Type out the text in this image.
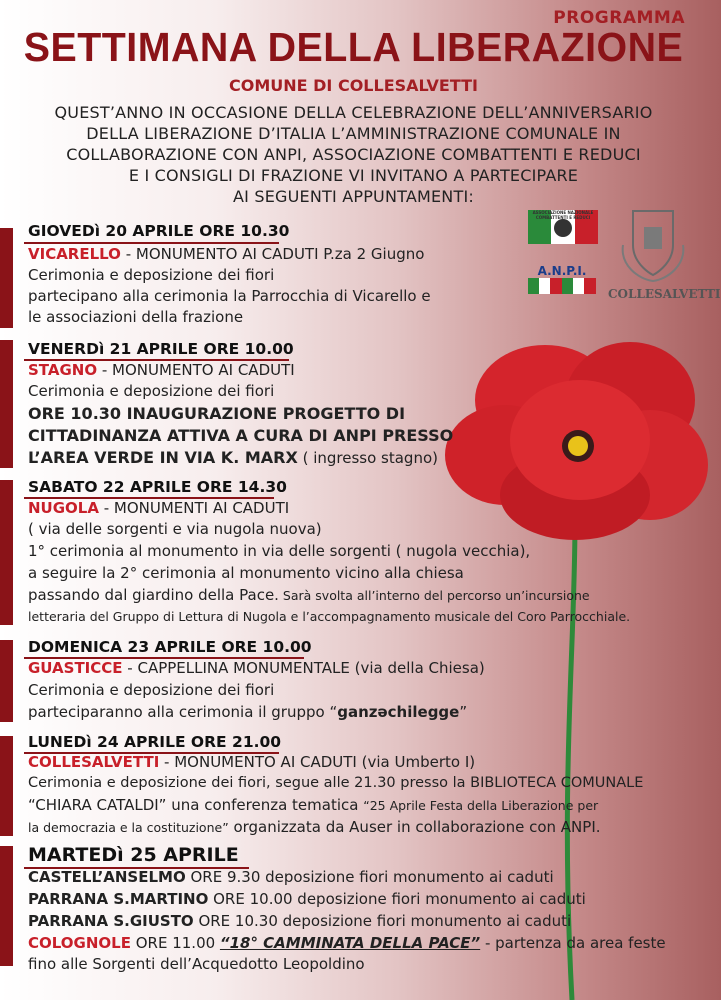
PROGRAMMA
SETTIMANA DELLA LIBERAZIONE
COMUNE DI COLLESALVETTI
QUEST’ANNO IN OCCASIONE DELLA CELEBRAZIONE DELL’ANNIVERSARIO
DELLA LIBERAZIONE D’ITALIA L’AMMINISTRAZIONE COMUNALE IN
COLLABORAZIONE CON ANPI, ASSOCIAZIONE COMBATTENTI E REDUCI
E I CONSIGLI DI FRAZIONE VI INVITANO A PARTECIPARE
AI SEGUENTI APPUNTAMENTI:
ASSOCIAZIONE NAZIONALE COMBATTENTI E REDUCI
A.N.P.I.
COLLESALVETTI
GIOVEDì 20 APRILE ORE 10.30
VICARELLO - MONUMENTO AI CADUTI P.za 2 Giugno
Cerimonia e deposizione dei fiori
partecipano alla cerimonia la Parrocchia di Vicarello e
le associazioni della frazione
VENERDì 21 APRILE ORE 10.00
STAGNO - MONUMENTO AI CADUTI
Cerimonia e deposizione dei fiori
ORE 10.30 INAUGURAZIONE PROGETTO DI
CITTADINANZA ATTIVA A CURA DI ANPI PRESSO
L’AREA VERDE IN VIA K. MARX ( ingresso stagno)
SABATO 22 APRILE ORE 14.30
NUGOLA - MONUMENTI AI CADUTI
( via delle sorgenti e via nugola nuova)
1° cerimonia al monumento in via delle sorgenti ( nugola vecchia),
a seguire la 2° cerimonia al monumento vicino alla chiesa
passando dal giardino della Pace. Sarà svolta all’interno del percorso un’incursione
letteraria del Gruppo di Lettura di Nugola e l’accompagnamento musicale del Coro Parrocchiale.
DOMENICA 23 APRILE ORE 10.00
GUASTICCE - CAPPELLINA MONUMENTALE (via della Chiesa)
Cerimonia e deposizione dei fiori
parteciparanno alla cerimonia il gruppo “ganzəchilegge”
LUNEDì 24 APRILE ORE 21.00
COLLESALVETTI - MONUMENTO AI CADUTI (via Umberto I)
Cerimonia e deposizione dei fiori, segue alle 21.30 presso la BIBLIOTECA COMUNALE
“CHIARA CATALDI” una conferenza tematica “25 Aprile Festa della Liberazione per
la democrazia e la costituzione” organizzata da Auser in collaborazione con ANPI.
MARTEDì 25 APRILE
CASTELL’ANSELMO ORE 9.30 deposizione fiori monumento ai caduti
PARRANA S.MARTINO ORE 10.00 deposizione fiori monumento ai caduti
PARRANA S.GIUSTO ORE 10.30 deposizione fiori monumento ai caduti
COLOGNOLE ORE 11.00 “18° CAMMINATA DELLA PACE” - partenza da area feste
fino alle Sorgenti dell’Acquedotto Leopoldino
